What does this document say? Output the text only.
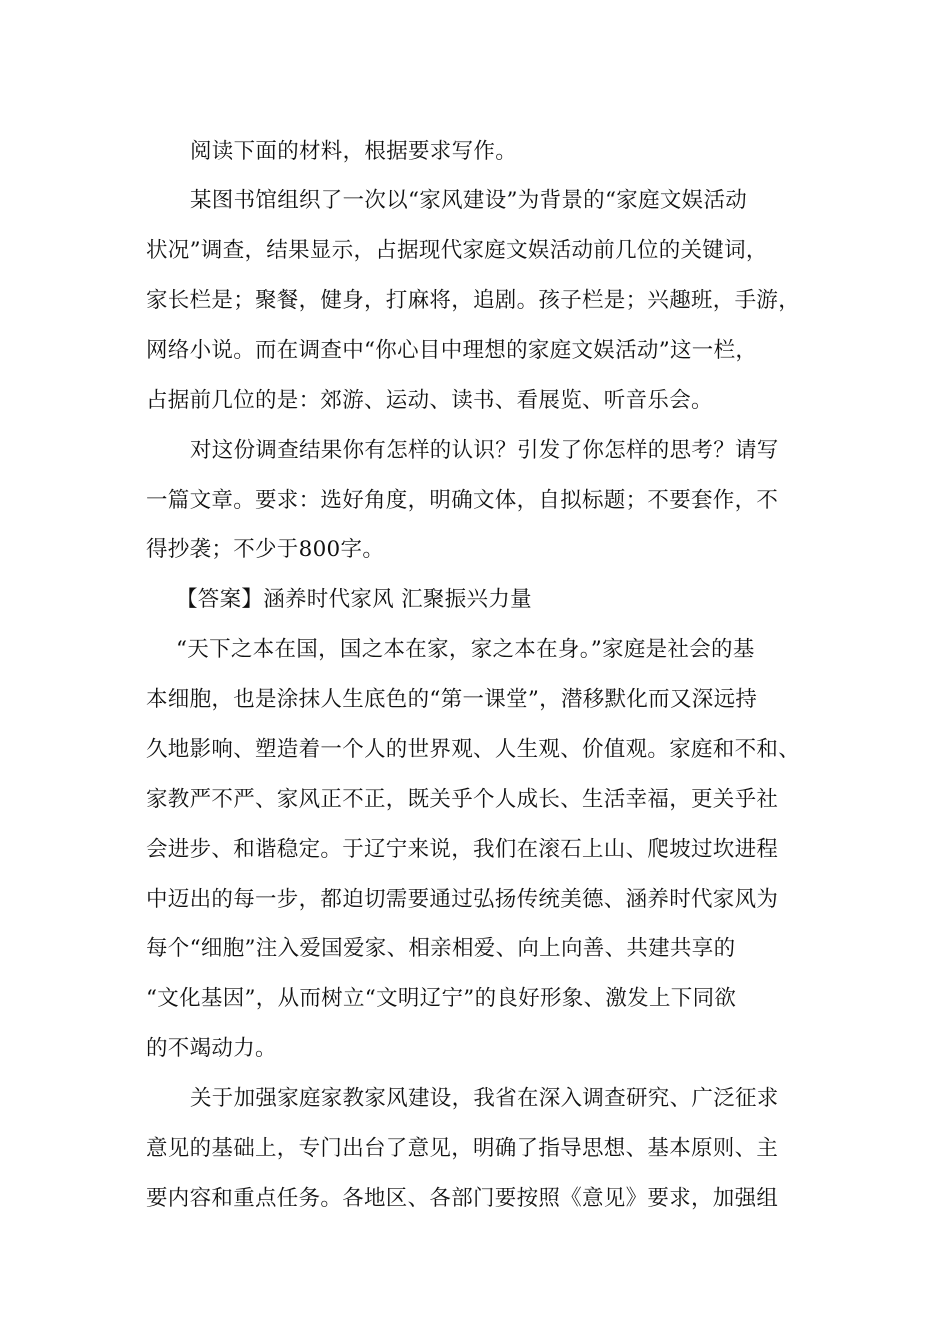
阅读下面的材料，根据要求写作。
某图书馆组织了一次以“家风建设”为背景的“家庭文娱活动
状况”调查，结果显示，占据现代家庭文娱活动前几位的关键词，
家长栏是；聚餐，健身，打麻将，追剧。孩子栏是；兴趣班，手游，
网络小说。而在调查中“你心目中理想的家庭文娱活动”这一栏，
占据前几位的是：郊游、运动、读书、看展览、听音乐会。
对这份调查结果你有怎样的认识？引发了你怎样的思考？请写
一篇文章。要求：选好角度，明确文体，自拟标题；不要套作，不
得抄袭；不少于800字。
【答案】涵养时代家风 汇聚振兴力量
“天下之本在国，国之本在家，家之本在身。”家庭是社会的基
本细胞，也是涂抹人生底色的“第一课堂”，潜移默化而又深远持
久地影响、塑造着一个人的世界观、人生观、价值观。家庭和不和、
家教严不严、家风正不正，既关乎个人成长、生活幸福，更关乎社
会进步、和谐稳定。于辽宁来说，我们在滚石上山、爬坡过坎进程
中迈出的每一步，都迫切需要通过弘扬传统美德、涵养时代家风为
每个“细胞”注入爱国爱家、相亲相爱、向上向善、共建共享的
“文化基因”，从而树立“文明辽宁”的良好形象、激发上下同欲
的不竭动力。
关于加强家庭家教家风建设，我省在深入调查研究、广泛征求
意见的基础上，专门出台了意见，明确了指导思想、基本原则、主
要内容和重点任务。各地区、各部门要按照《意见》要求，加强组
